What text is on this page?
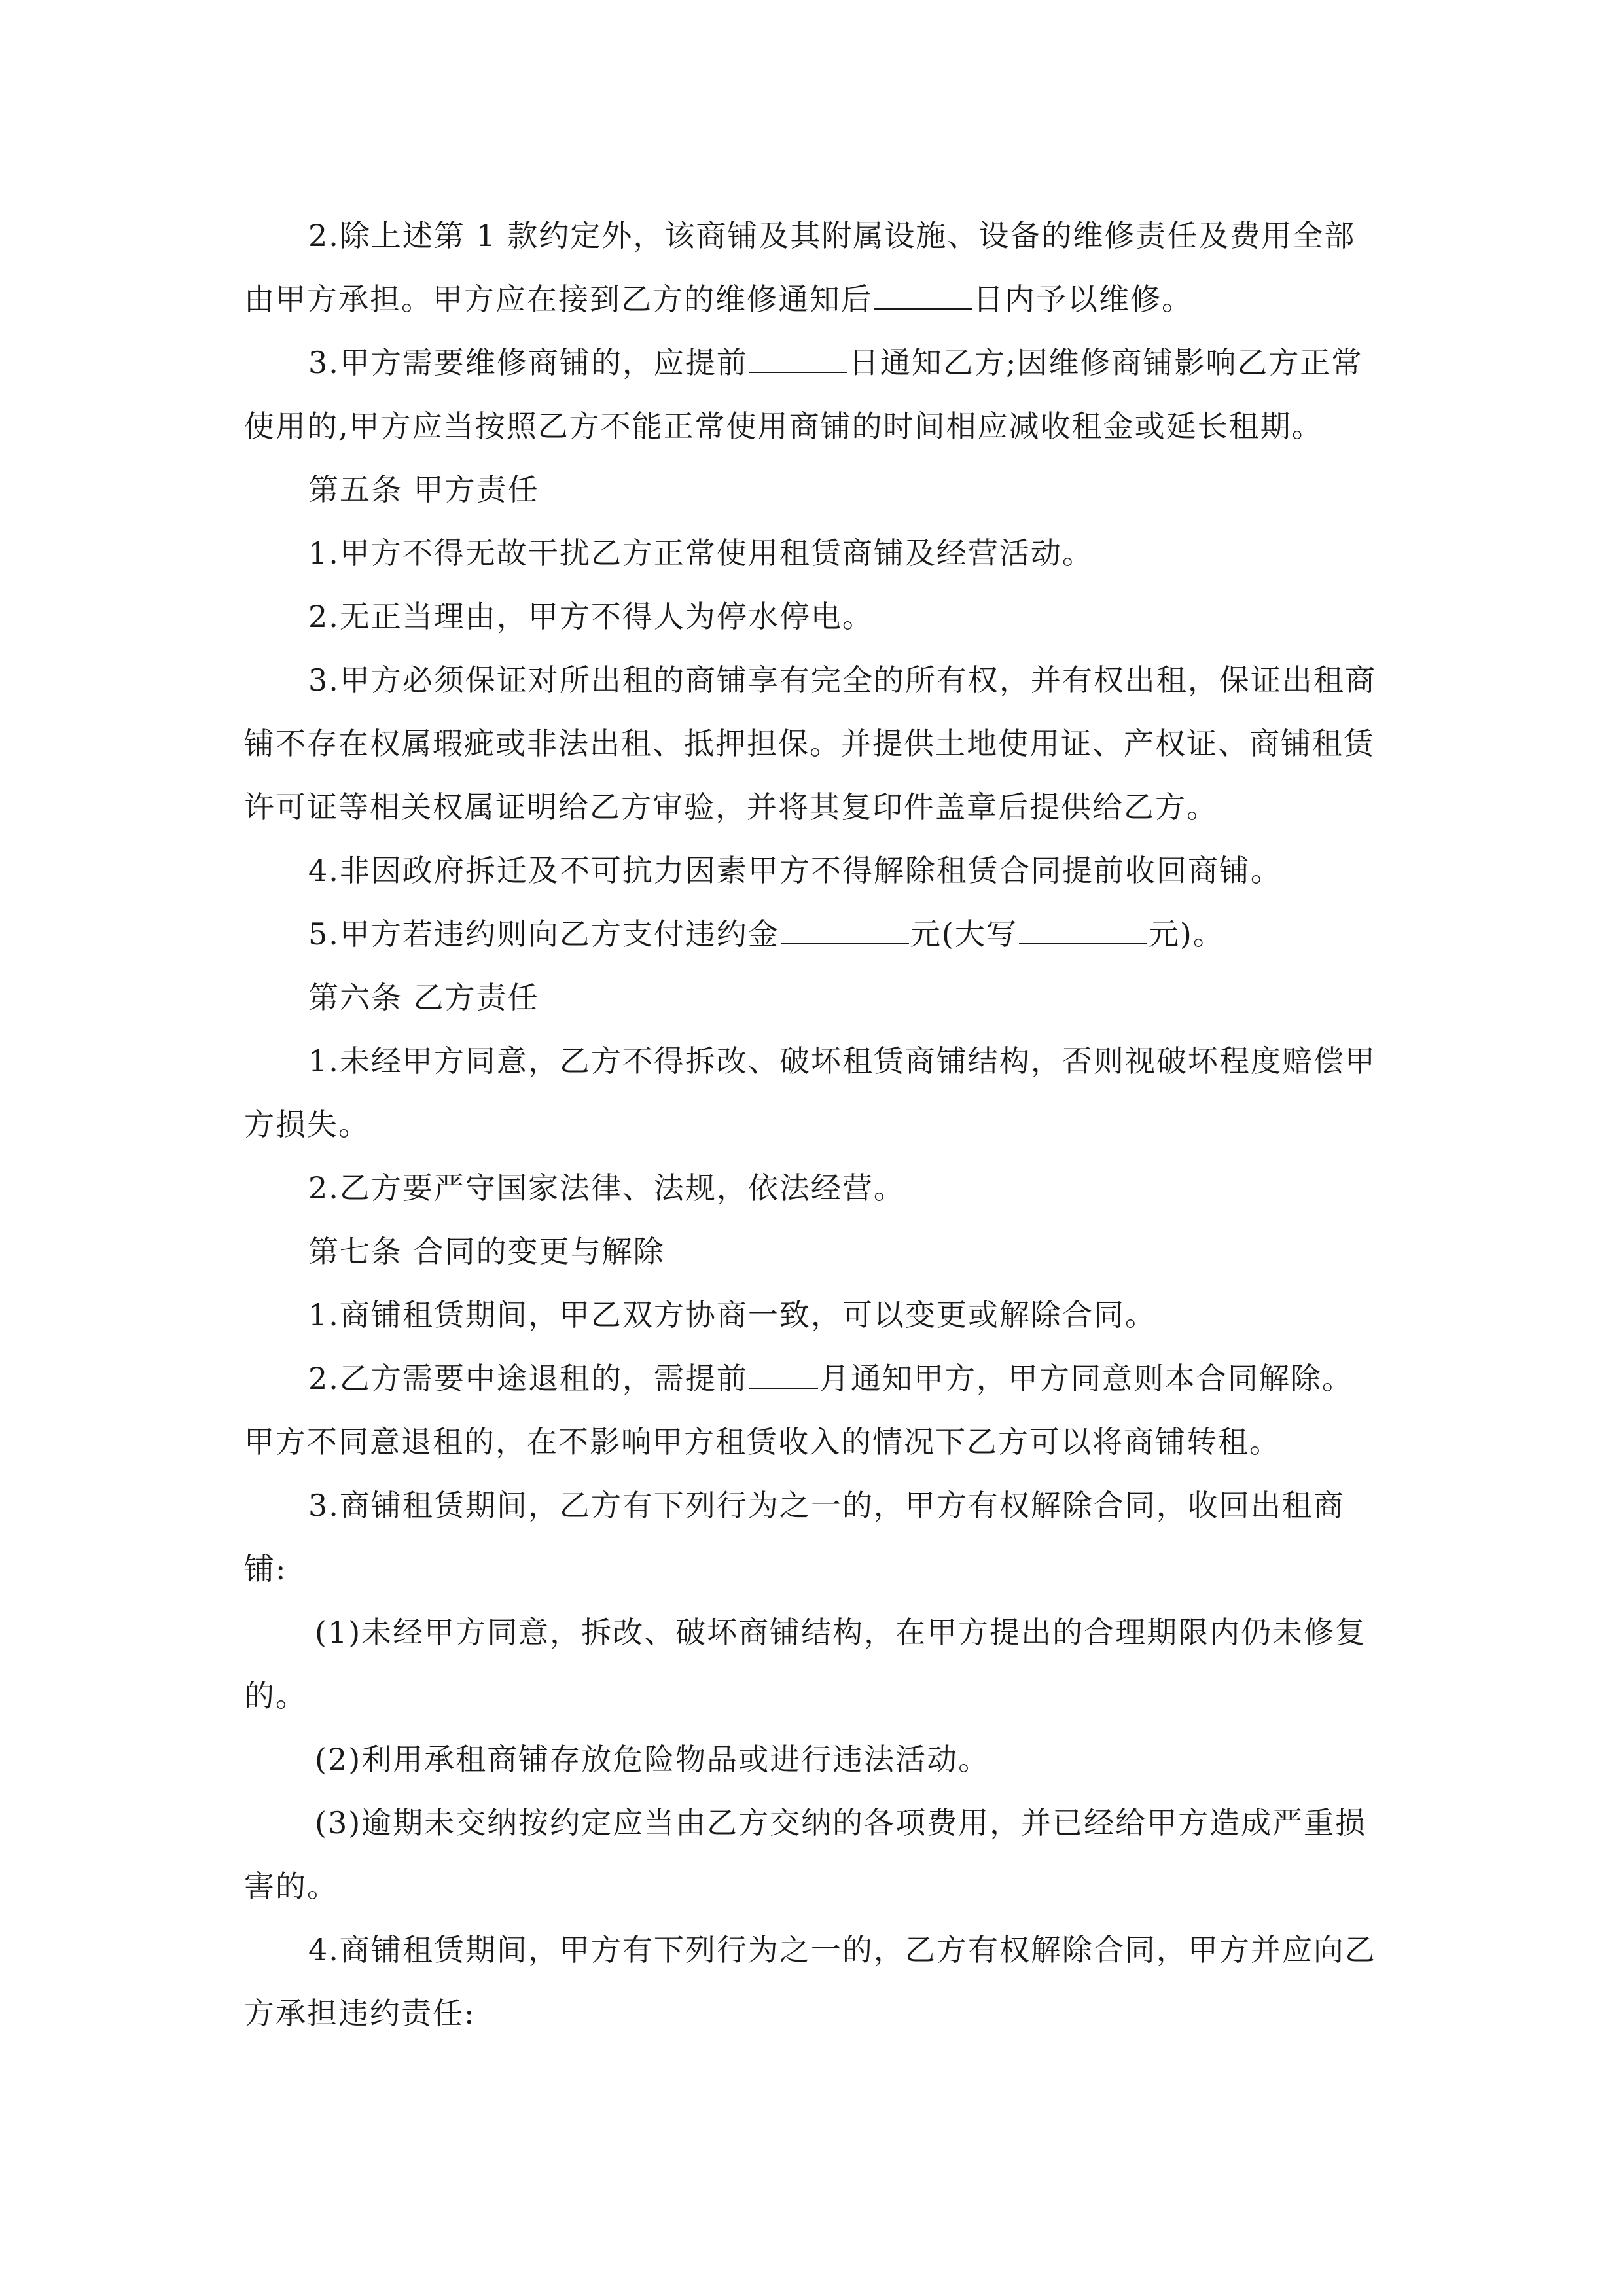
2.除上述第 1 款约定外，该商铺及其附属设施、设备的维修责任及费用全部由甲方承担。甲方应在接到乙方的维修通知后	日内予以维修。

3.甲方需要维修商铺的，应提前	日通知乙方;因维修商铺影响乙方正常使用的,甲方应当按照乙方不能正常使用商铺的时间相应减收租金或延长租期。

第五条 甲方责任

1.甲方不得无故干扰乙方正常使用租赁商铺及经营活动。

2.无正当理由，甲方不得人为停水停电。

3.甲方必须保证对所出租的商铺享有完全的所有权，并有权出租，保证出租商铺不存在权属瑕疵或非法出租、抵押担保。并提供土地使用证、产权证、商铺租赁许可证等相关权属证明给乙方审验，并将其复印件盖章后提供给乙方。

4.非因政府拆迁及不可抗力因素甲方不得解除租赁合同提前收回商铺。

5.甲方若违约则向乙方支付违约金	元(大写	元)。

第六条 乙方责任

1.未经甲方同意，乙方不得拆改、破坏租赁商铺结构，否则视破坏程度赔偿甲方损失。

2.乙方要严守国家法律、法规，依法经营。

第七条 合同的变更与解除

1.商铺租赁期间，甲乙双方协商一致，可以变更或解除合同。

2.乙方需要中途退租的，需提前 月通知甲方，甲方同意则本合同解除。甲方不同意退租的，在不影响甲方租赁收入的情况下乙方可以将商铺转租。

3.商铺租赁期间，乙方有下列行为之一的，甲方有权解除合同，收回出租商铺:

(1)未经甲方同意，拆改、破坏商铺结构，在甲方提出的合理期限内仍未修复的。

(2)利用承租商铺存放危险物品或进行违法活动。

(3)逾期未交纳按约定应当由乙方交纳的各项费用，并已经给甲方造成严重损害的。

4.商铺租赁期间，甲方有下列行为之一的，乙方有权解除合同，甲方并应向乙方承担违约责任:
